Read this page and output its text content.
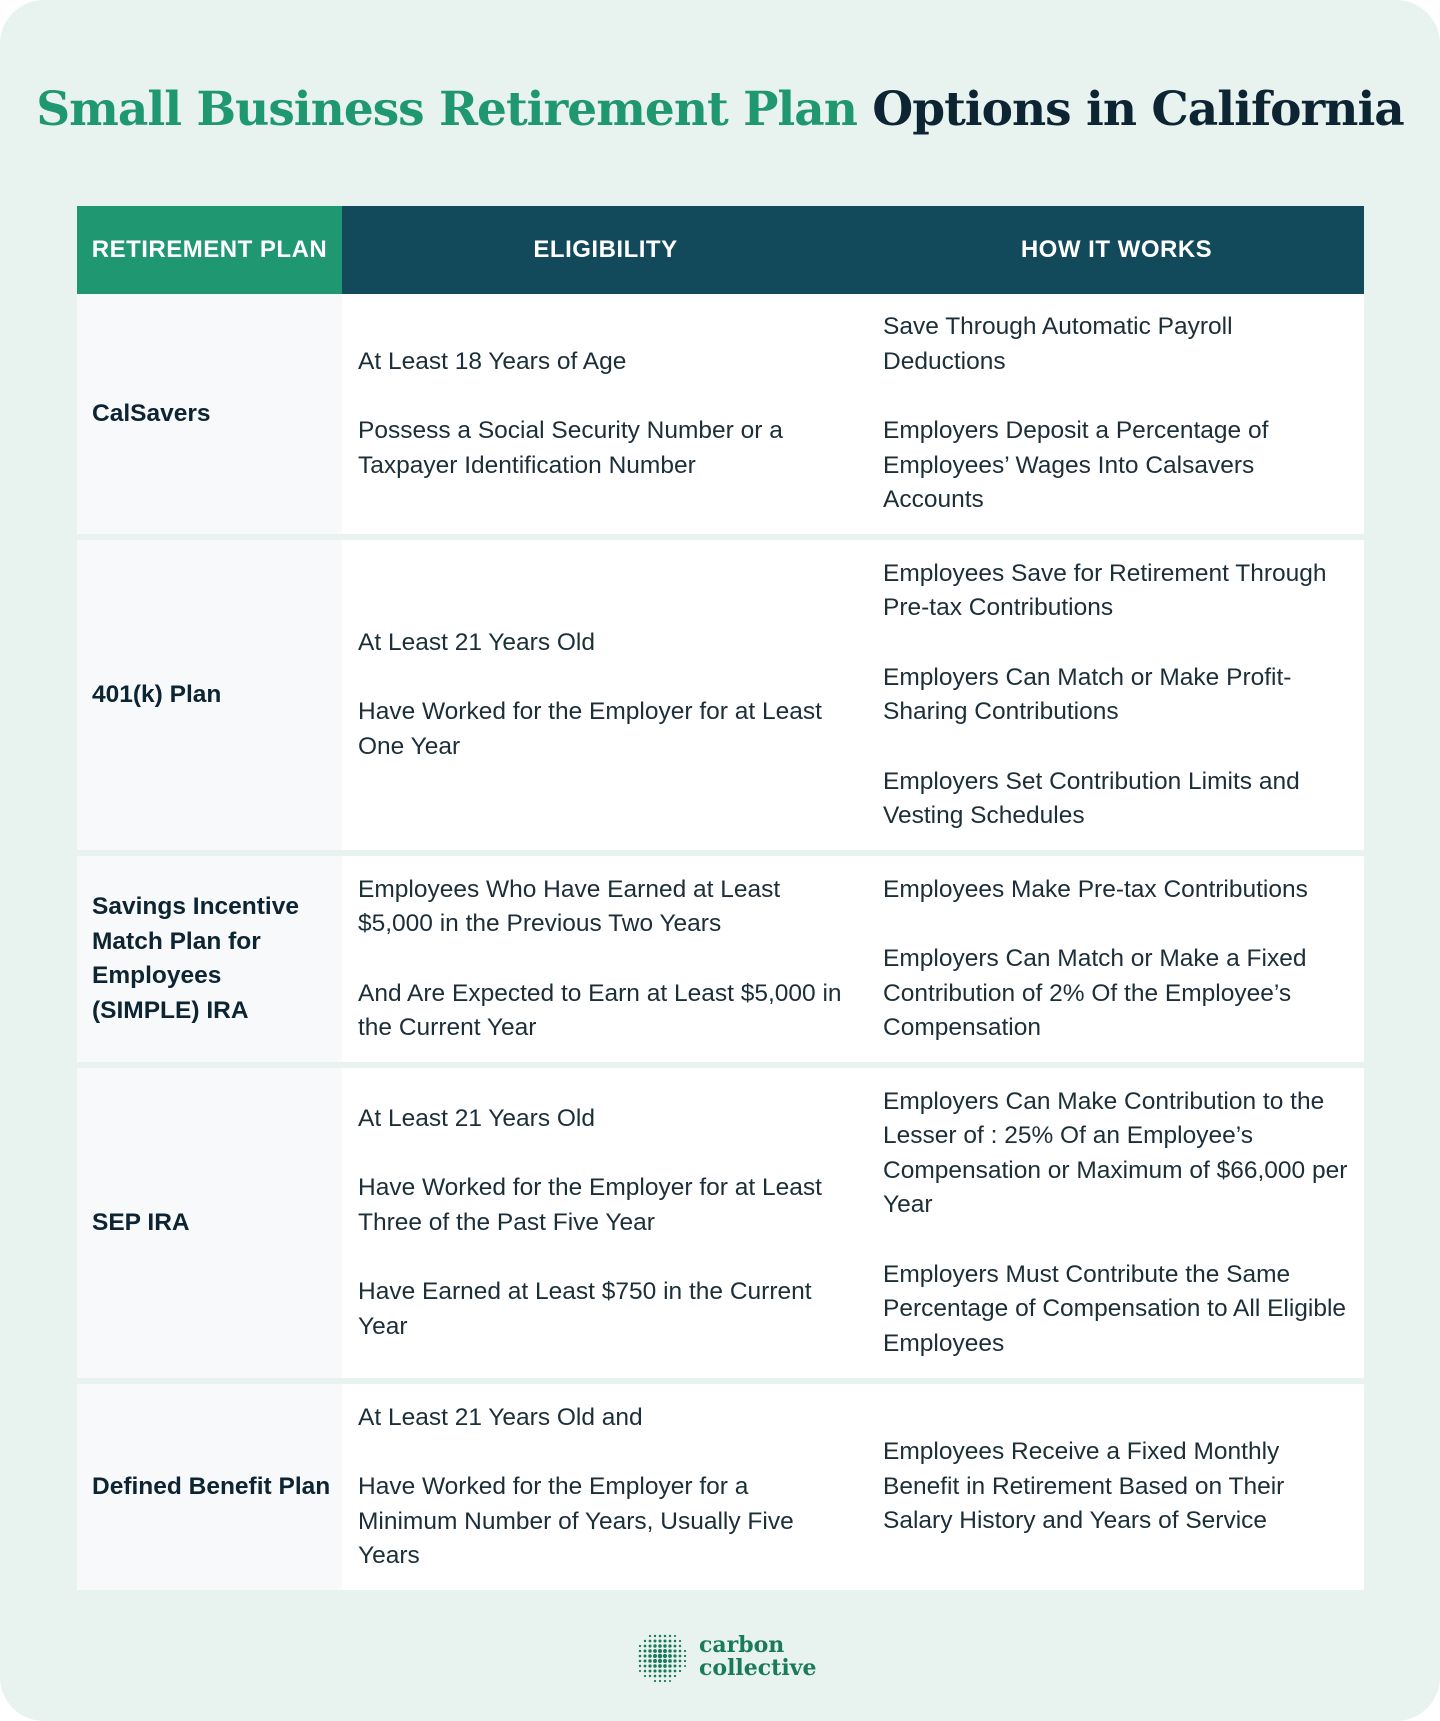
Small Business Retirement Plan Options in California
RETIREMENT PLAN	ELIGIBILITY	HOW IT WORKS
CalSavers

At Least 18 Years of Age

Possess a Social Security Number or a Taxpayer Identification Number

Save Through Automatic Payroll Deductions

Employers Deposit a Percentage of Employees’ Wages Into Calsavers Accounts

401(k) Plan

At Least 21 Years Old

Have Worked for the Employer for at Least One Year

Employees Save for Retirement Through Pre-tax Contributions

Employers Can Match or Make Profit-Sharing Contributions

Employers Set Contribution Limits and Vesting Schedules

Savings Incentive Match Plan for Employees (SIMPLE) IRA

Employees Who Have Earned at Least $5,000 in the Previous Two Years

And Are Expected to Earn at Least $5,000 in the Current Year

Employees Make Pre-tax Contributions

Employers Can Match or Make a Fixed Contribution of 2% Of the Employee’s Compensation

SEP IRA

At Least 21 Years Old

Have Worked for the Employer for at Least Three of the Past Five Year

Have Earned at Least $750 in the Current Year

Employers Can Make Contribution to the Lesser of : 25% Of an Employee’s Compensation or Maximum of $66,000 per Year

Employers Must Contribute the Same Percentage of Compensation to All Eligible Employees

Defined Benefit Plan

At Least 21 Years Old and

Have Worked for the Employer for a Minimum Number of Years, Usually Five Years

Employees Receive a Fixed Monthly Benefit in Retirement Based on Their Salary History and Years of Service

carbon
collective
